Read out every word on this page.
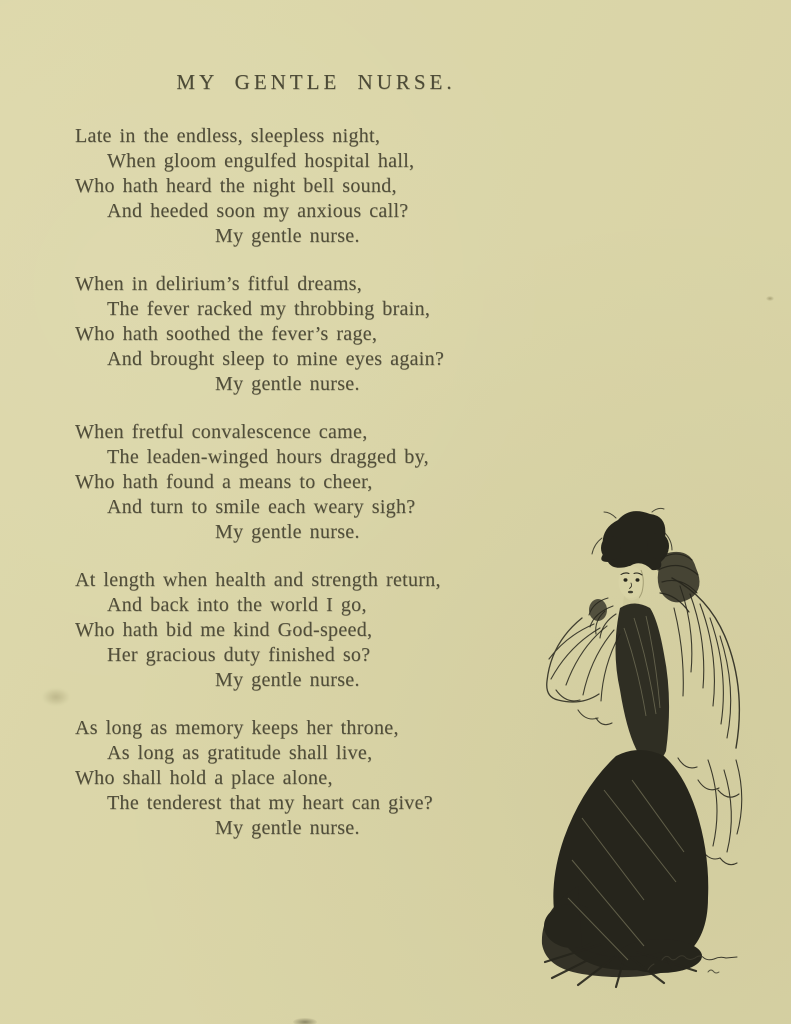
MY GENTLE NURSE.
Late in the endless, sleepless night,
When gloom engulfed hospital hall,
Who hath heard the night bell sound,
And heeded soon my anxious call?
My gentle nurse.
When in delirium’s fitful dreams,
The fever racked my throbbing brain,
Who hath soothed the fever’s rage,
And brought sleep to mine eyes again?
My gentle nurse.
When fretful convalescence came,
The leaden-winged hours dragged by,
Who hath found a means to cheer,
And turn to smile each weary sigh?
My gentle nurse.
At length when health and strength return,
And back into the world I go,
Who hath bid me kind God-speed,
Her gracious duty finished so?
My gentle nurse.
As long as memory keeps her throne,
As long as gratitude shall live,
Who shall hold a place alone,
The tenderest that my heart can give?
My gentle nurse.
